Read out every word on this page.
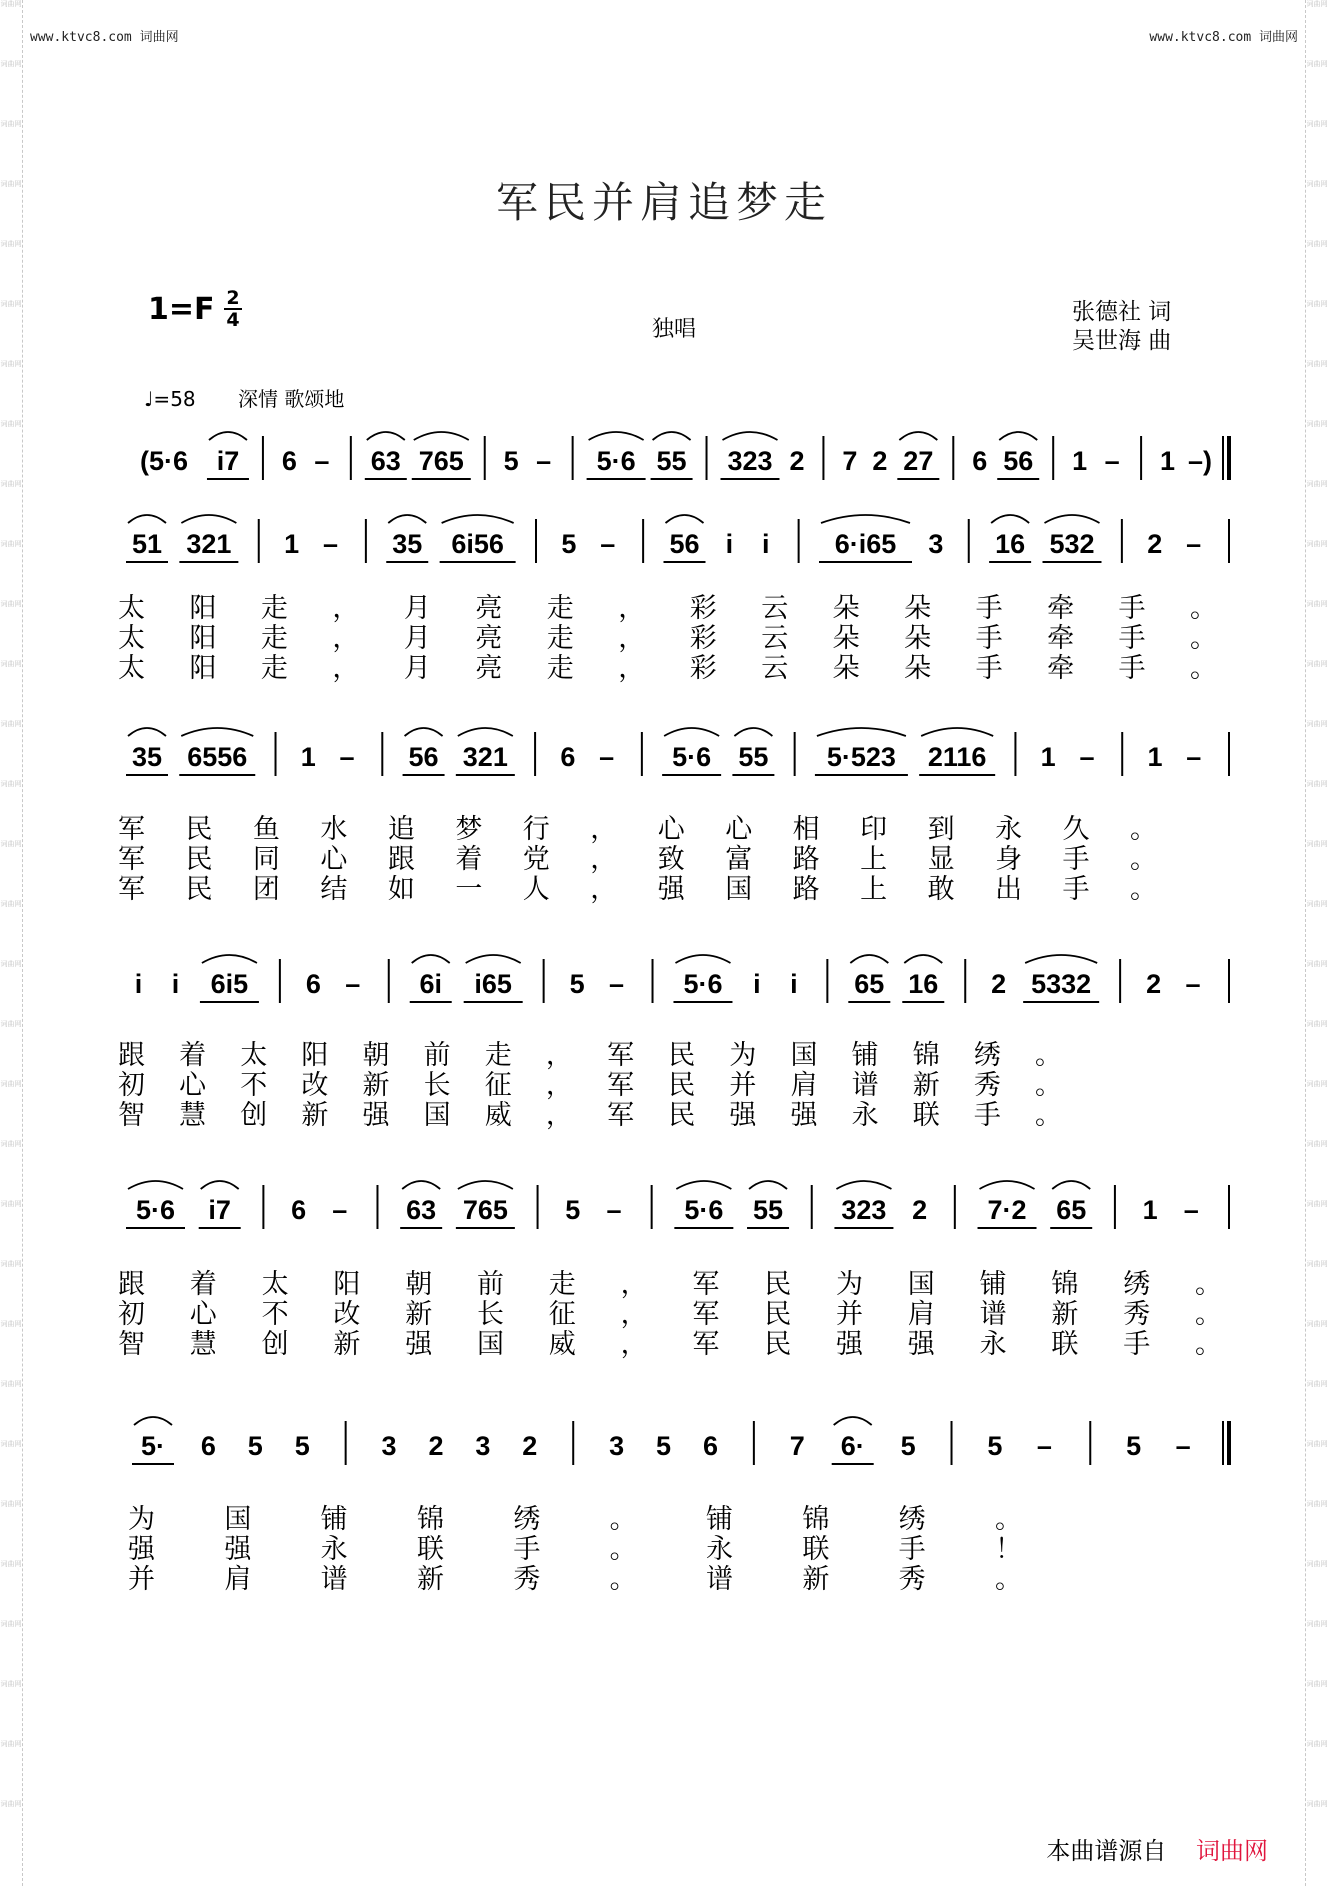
词曲网
词曲网
词曲网
词曲网
词曲网
词曲网
词曲网
词曲网
词曲网
词曲网
词曲网
词曲网
词曲网
词曲网
词曲网
词曲网
词曲网
词曲网
词曲网
词曲网
词曲网
词曲网
词曲网
词曲网
词曲网
词曲网
词曲网
词曲网
词曲网
词曲网
词曲网
词曲网
词曲网
词曲网
词曲网
词曲网
词曲网
词曲网
词曲网
词曲网
词曲网
词曲网
词曲网
词曲网
词曲网
词曲网
词曲网
词曲网
词曲网
词曲网
词曲网
词曲网
词曲网
词曲网
词曲网
词曲网
词曲网
词曲网
词曲网
词曲网
词曲网
词曲网
www.ktvc8.com 词曲网	www.ktvc8.com 词曲网
军民并肩追梦走
1=F 2
4	独唱
张德社 词
吴世海 曲
♩=58 深情 歌颂地
(5·6 i7 6 – 63 765 5 – 5·6 55 323 2 7 2 27 6 56 1 – 1 –)
51 321 1 – 35 6i56 5 – 56 i i 6·i65 3 16 532 2 –
35 6556 1 – 56 321 6 – 5·6 55 5·523 2116 1 – 1 –
i i 6i5 6 – 6i i65 5 – 5·6 i i 65 16 2 5332 2 –
5·6 i7 6 – 63 765 5 – 5·6 55 323 2 7·2 65 1 –
5· 6 5 5	3 2 3 2	3 5 6	7 6· 5	5 –	5 –
太 阳 走 ， 月 亮 走 ， 彩 云 朵 朵 手 牵 手 。
太 阳 走 ， 月 亮 走 ， 彩 云 朵 朵 手 牵 手 。
太 阳 走 ， 月 亮 走 ， 彩 云 朵 朵 手 牵 手 。
军 民 鱼 水 追 梦 行 ， 心 心 相 印 到 永 久 。
军 民 同 心 跟 着 党 ， 致 富 路 上 显 身 手 。
军 民 团 结 如 一 人 ， 强 国 路 上 敢 出 手 。
跟 着 太 阳 朝 前 走 ， 军 民 为 国 铺 锦 绣 。
初 心 不 改 新 长 征 ， 军 民 并 肩 谱 新 秀 。
智 慧 创 新 强 国 威 ， 军 民 强 强 永 联 手 。
跟 着 太 阳 朝 前 走 ， 军 民 为 国 铺 锦 绣 。
初 心 不 改 新 长 征 ， 军 民 并 肩 谱 新 秀 。
智 慧 创 新 强 国 威 ， 军 民 强 强 永 联 手 。
为	国	铺	锦	绣	。	铺	锦	绣	。
强	强	永	联	手	。	永	联	手	！
并	肩	谱	新	秀	。	谱	新	秀	。
本曲谱源自 词曲网
